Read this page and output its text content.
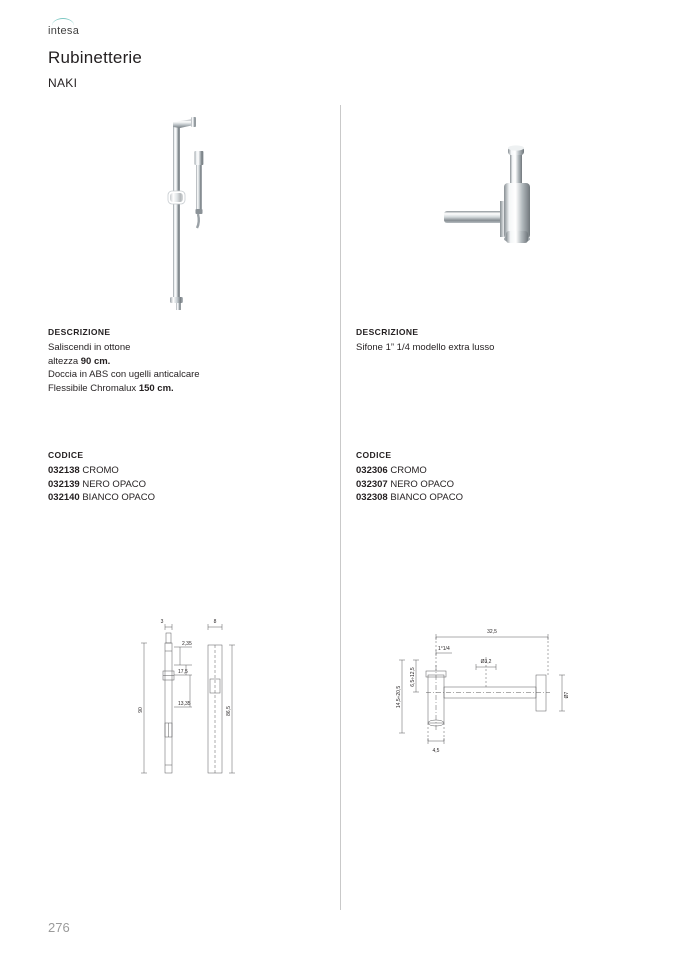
intesa
Rubinetterie
NAKI
DESCRIZIONE
Saliscendi in ottone
altezza 90 cm.
Doccia in ABS con ugelli anticalcare
Flessibile Chromalux 150 cm.
CODICE
032138 CROMO
032139 NERO OPACO
032140 BIANCO OPACO
DESCRIZIONE
Sifone 1” 1/4 modello extra lusso
CODICE
032306 CROMO
032307 NERO OPACO
032308 BIANCO OPACO
3	8
2,35
17,5
13,35
90	86,5
32,5
1°1/4
Ø3,2
Ø7
14,5÷20,5
6,5÷12,5
4,5
276
